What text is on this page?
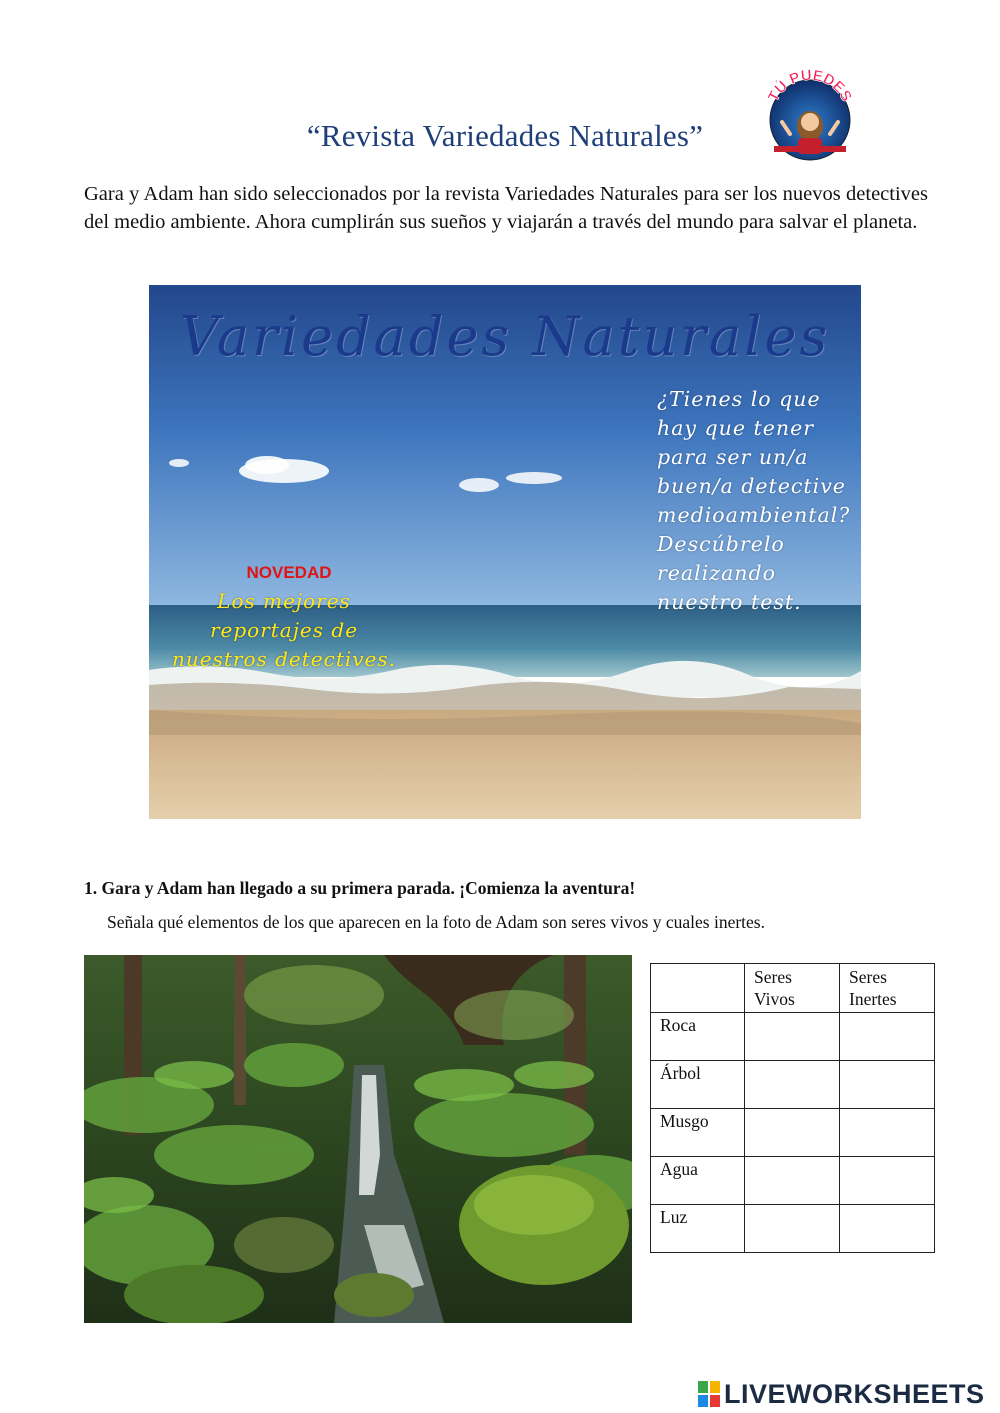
“Revista Variedades Naturales”
TÚ PUEDES
Gara y Adam han sido seleccionados por la revista Variedades Naturales para ser los nuevos detectives del medio ambiente. Ahora cumplirán sus sueños y viajarán a través del mundo para salvar el planeta.
Variedades Naturales
¿Tienes lo que hay que tener para ser un/a buen/a detective medioambiental? Descúbrelo realizando nuestro test.
NOVEDAD
Los mejores reportajes de nuestros detectives.
1. Gara y Adam han llegado a su primera parada. ¡Comienza la aventura!
Señala qué elementos de los que aparecen en la foto de Adam son seres vivos y cuales inertes.
	Seres Vivos	Seres Inertes
Roca		
Árbol		
Musgo		
Agua		
Luz		
LIVEWORKSHEETS
